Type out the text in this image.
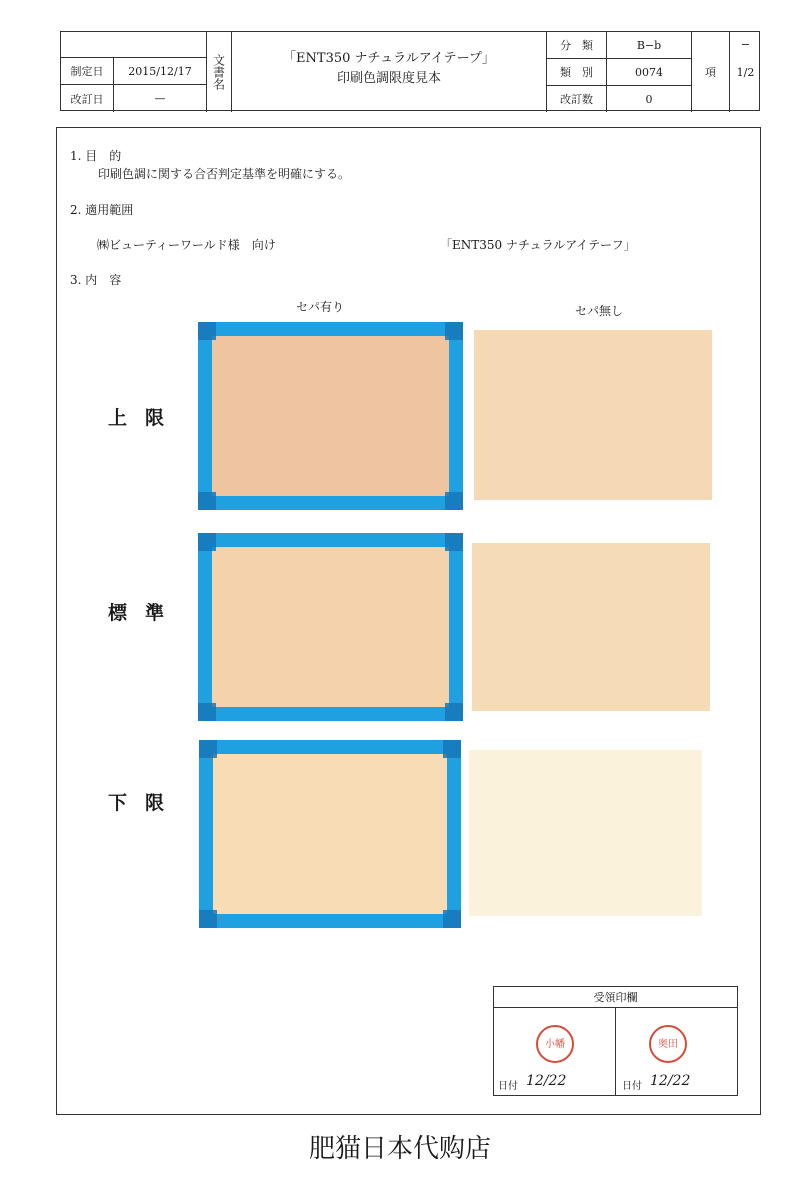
制定日	2015/12/17
改訂日	—
文書名	「ENT350 ナチュラルアイテープ」
印刷色調限度見本
分　類	B−b
類　別	0074
改訂数	0
項
−
1/2
1. 目　的
印刷色調に関する合否判定基準を明確にする。
2. 適用範囲
㈱ビューティーワールド様　向け	「ENT350 ナチュラルアイテーフ」
3. 内　容
セパ有り	セパ無し
上限
標準
下限
受領印欄
小幡	奥田
日付 12/22	日付 12/22
肥猫日本代购店
